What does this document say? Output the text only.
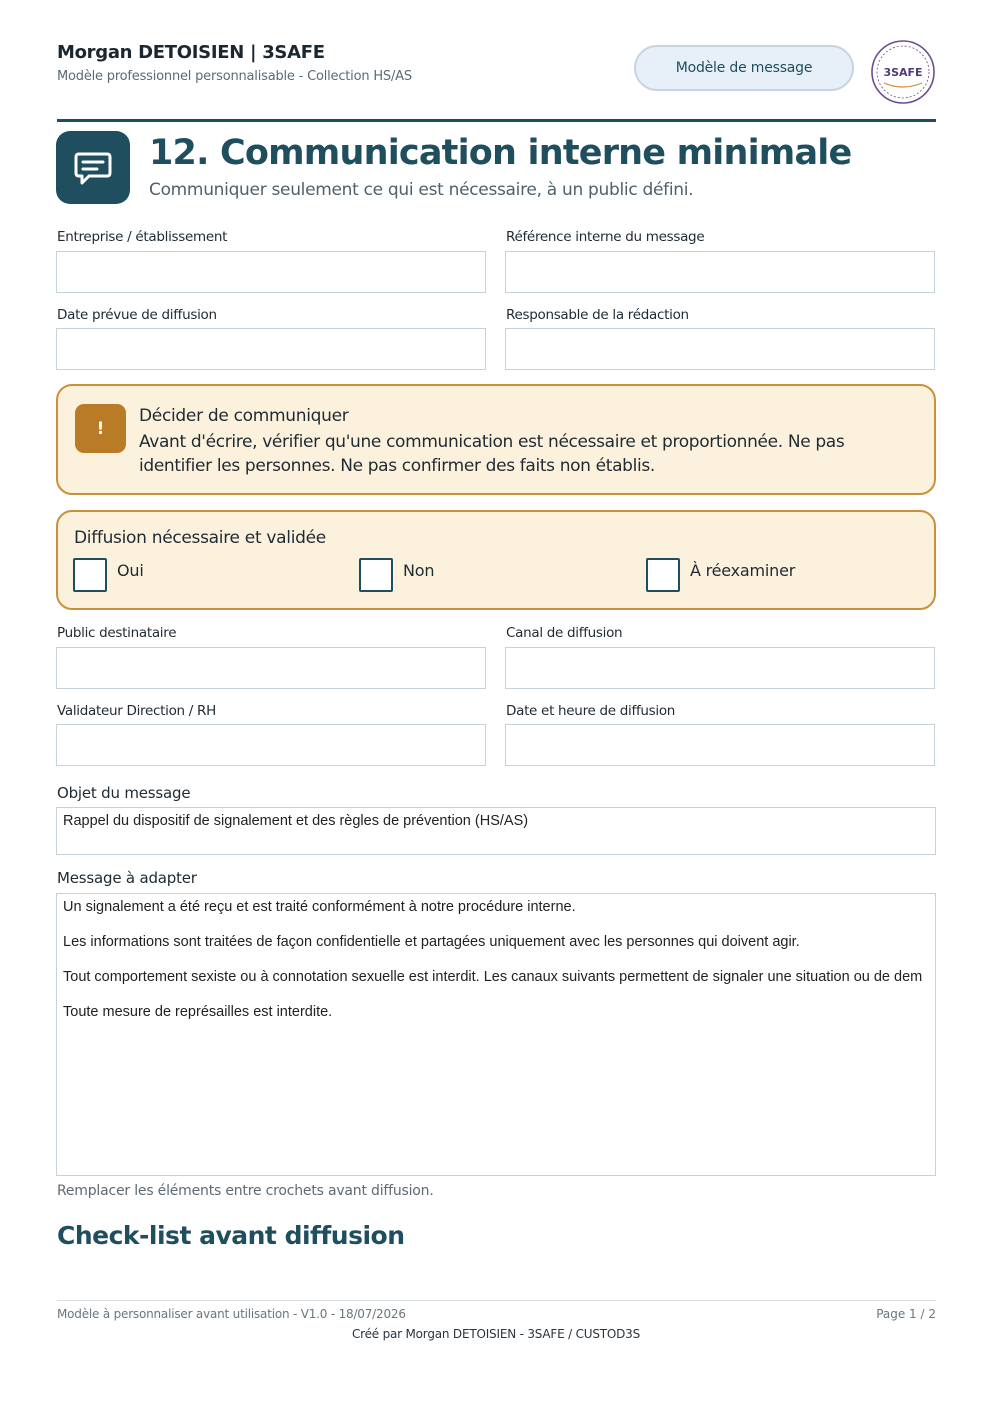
Morgan DETOISIEN | 3SAFE
Modèle professionnel personnalisable - Collection HS/AS
Modèle de message	3SAFE
12. Communication interne minimale
Communiquer seulement ce qui est nécessaire, à un public défini.
Entreprise / établissement	Référence interne du message
Date prévue de diffusion	Responsable de la rédaction
!
Décider de communiquer
Avant d'écrire, vérifier qu'une communication est nécessaire et proportionnée. Ne pas identifier les personnes. Ne pas confirmer des faits non établis.
Diffusion nécessaire et validée
Oui	Non	À réexaminer
Public destinataire	Canal de diffusion
Validateur Direction / RH	Date et heure de diffusion
Objet du message
Rappel du dispositif de signalement et des règles de prévention (HS/AS)
Message à adapter
Un signalement a été reçu et est traité conformément à notre procédure interne.
Les informations sont traitées de façon confidentielle et partagées uniquement avec les personnes qui doivent agir.
Tout comportement sexiste ou à connotation sexuelle est interdit. Les canaux suivants permettent de signaler une situation ou de dem
Toute mesure de représailles est interdite.
Remplacer les éléments entre crochets avant diffusion.
Check-list avant diffusion
Modèle à personnaliser avant utilisation - V1.0 - 18/07/2026	Page 1 / 2
Créé par Morgan DETOISIEN - 3SAFE / CUSTOD3S
